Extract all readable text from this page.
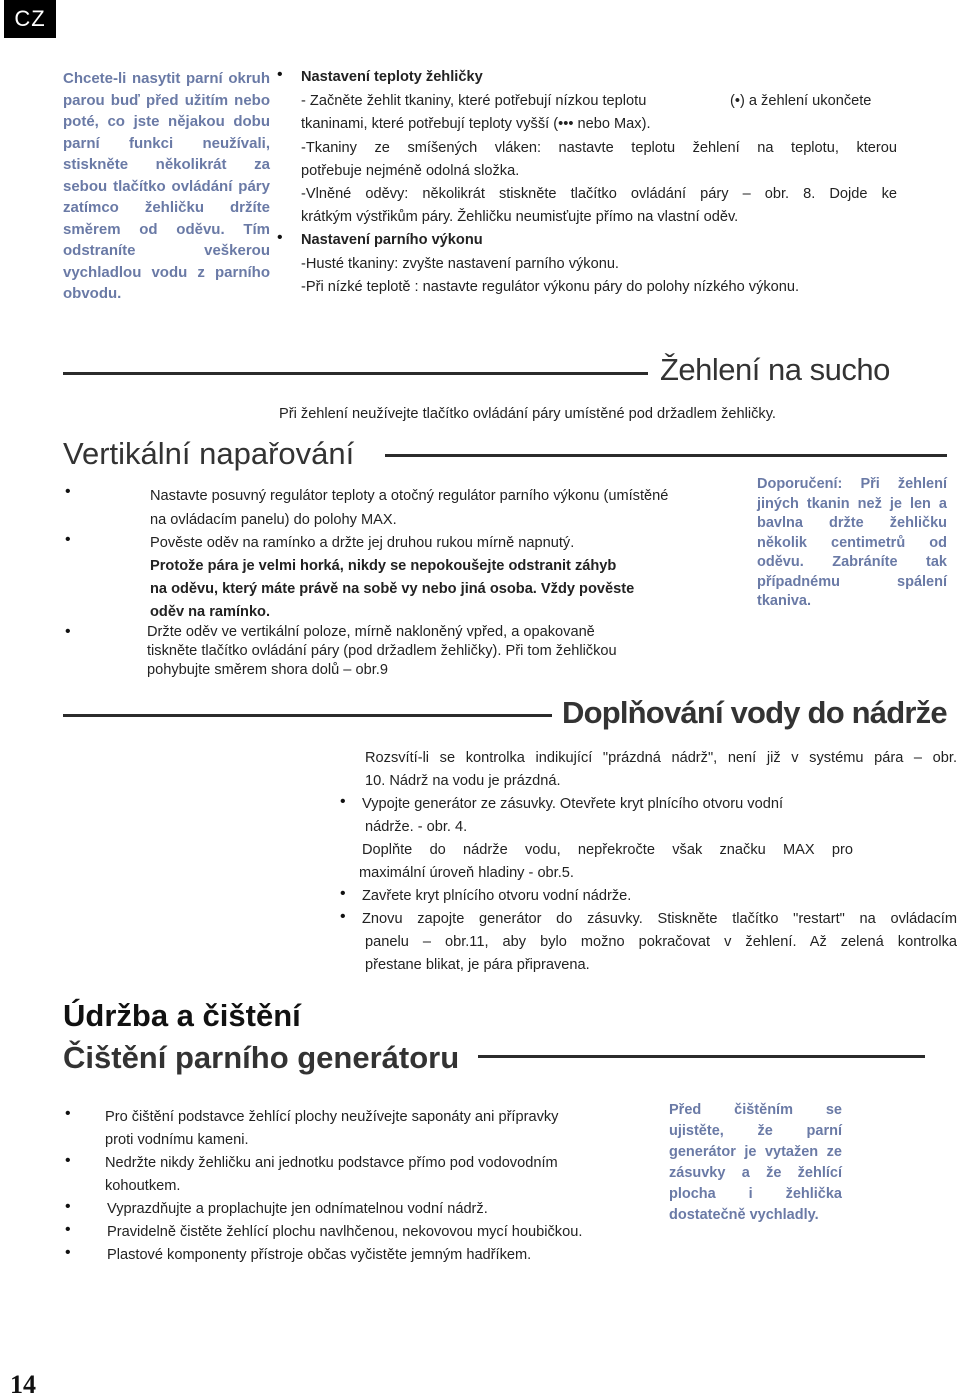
CZ
Chcete-li nasytit parní okruh parou buď před užitím nebo poté, co jste nějakou dobu parní funkci neužívali, stiskněte několikrát za sebou tlačítko ovládání páry zatímco žehličku držíte směrem od oděvu. Tím odstraníte veškerou vychladlou vodu z parního obvodu.
• Nastavení teploty žehličky
- Začněte žehlit tkaniny, které potřebují nízkou teplotu	(•) a žehlení ukončete
tkaninami, které potřebují teploty vyšší (••• nebo Max).
-Tkaniny ze smíšených vláken: nastavte teplotu žehlení na teplotu, kterou
potřebuje nejméně odolná složka.
-Vlněné oděvy: několikrát stiskněte tlačítko ovládání páry – obr. 8. Dojde ke
krátkým výstřikům páry. Žehličku neumisťujte přímo na vlastní oděv.
• Nastavení parního výkonu
-Husté tkaniny: zvyšte nastavení parního výkonu.
-Při nízké teplotě : nastavte regulátor výkonu páry do polohy nízkého výkonu.
Žehlení na sucho
Při žehlení neužívejte tlačítko ovládání páry umístěné pod držadlem žehličky.
Vertikální napařování
•	Nastavte posuvný regulátor teploty a otočný regulátor parního výkonu (umístěné
na ovládacím panelu) do polohy MAX.
•	Pověste oděv na ramínko a držte jej druhou rukou mírně napnutý.
Protože pára je velmi horká, nikdy se nepokoušejte odstranit záhyb
na oděvu, který máte právě na sobě vy nebo jiná osoba. Vždy pověste
oděv na ramínko.
•	Držte oděv ve vertikální poloze, mírně nakloněný vpřed, a opakovaně
tiskněte tlačítko ovládání páry (pod držadlem žehličky). Při tom žehličkou
pohybujte směrem shora dolů – obr.9
Doporučení: Při žehlení jiných tkanin než je len a bavlna držte žehličku několik centimetrů od oděvu. Zabráníte tak případnému spálení tkaniva.
Doplňování vody do nádrže
Rozsvítí-li se kontrolka indikující "prázdná nádrž", není již v systému pára – obr.
10. Nádrž na vodu je prázdná.
• Vypojte generátor ze zásuvky. Otevřete kryt plnícího otvoru vodní
nádrže. - obr. 4.
Doplňte do nádrže vodu, nepřekročte však značku MAX pro
maximální úroveň hladiny - obr.5.
• Zavřete kryt plnícího otvoru vodní nádrže.
• Znovu zapojte generátor do zásuvky. Stiskněte tlačítko "restart" na ovládacím
panelu – obr.11, aby bylo možno pokračovat v žehlení. Až zelená kontrolka
přestane blikat, je pára připravena.
Údržba a čištění
Čištění parního generátoru
• Pro čištění podstavce žehlící plochy neužívejte saponáty ani přípravky
proti vodnímu kameni.
• Nedržte nikdy žehličku ani jednotku podstavce přímo pod vodovodním
kohoutkem.
• Vyprazdňujte a proplachujte jen odnímatelnou vodní nádrž.
• Pravidelně čistěte žehlící plochu navlhčenou, nekovovou mycí houbičkou.
• Plastové komponenty přístroje občas vyčistěte jemným hadříkem.
Před čištěním se ujistěte, že parní generátor je vytažen ze zásuvky a že žehlící plocha i žehlička dostatečně vychladly.
14
